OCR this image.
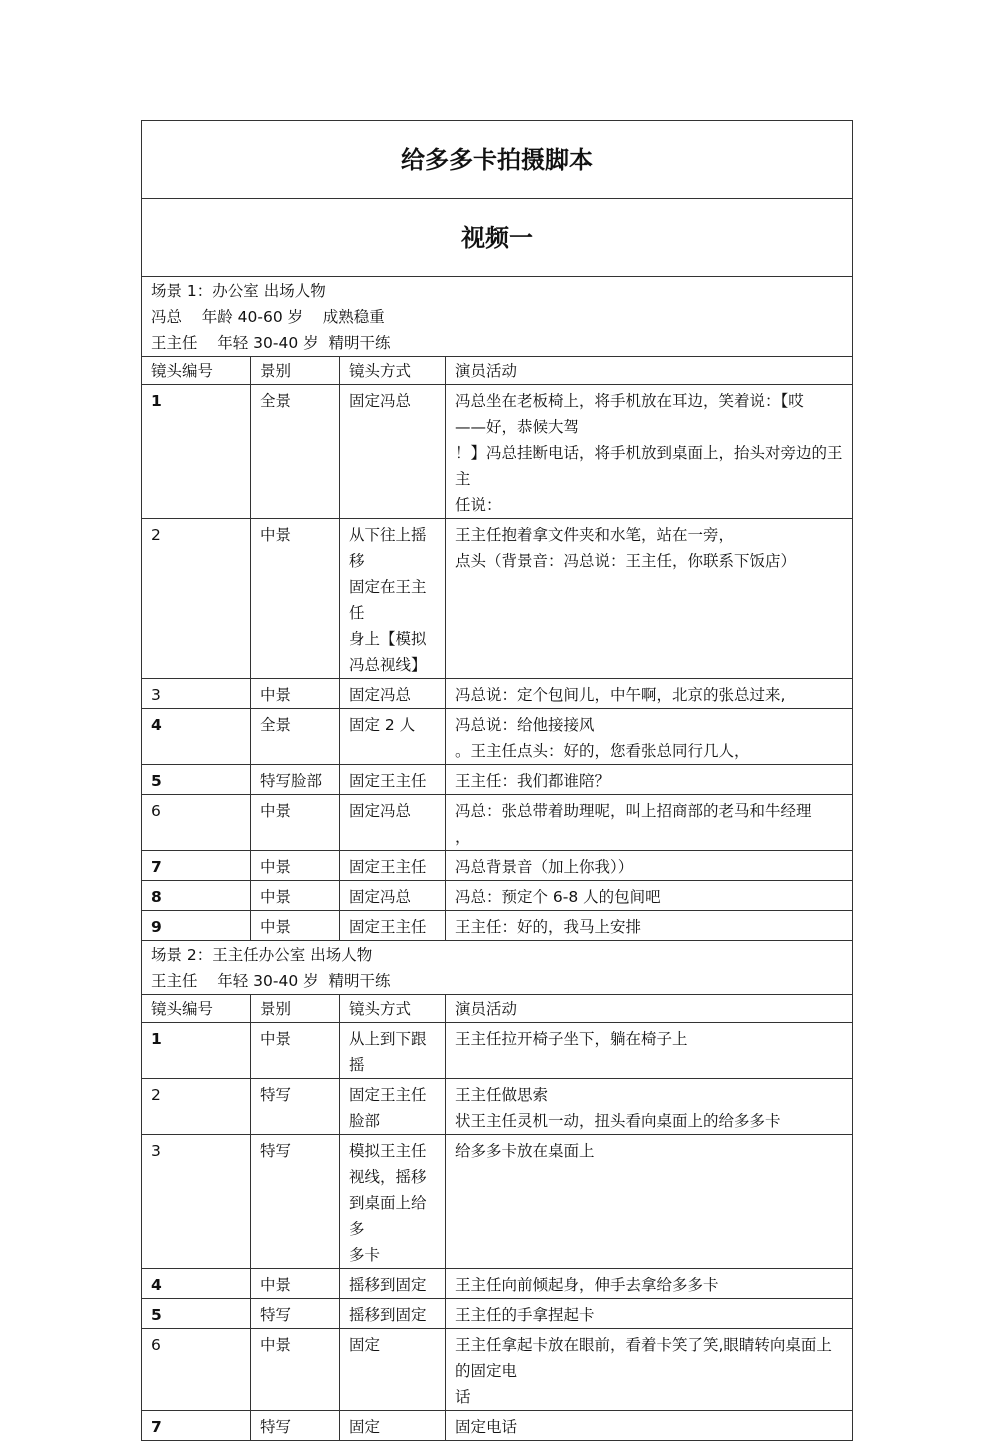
给多多卡拍摄脚本			
视频一			

场景 1：办公室 出场人物
冯总    年龄 40-60 岁    成熟稳重
王主任    年轻 30-40 岁  精明干练			

镜头编号	景别	镜头方式	演员活动
1	全景	固定冯总	冯总坐在老板椅上，将手机放在耳边，笑着说：【哎
——好，恭候大驾
！】冯总挂断电话，将手机放到桌面上，抬头对旁边的王主
任说：

2	中景	从下往上摇移
固定在王主任
身上【模拟
冯总视线】	王主任抱着拿文件夹和水笔，站在一旁，
点头（背景音：冯总说：王主任，你联系下饭店）

3	中景	固定冯总	冯总说：定个包间儿，中午啊，北京的张总过来,
4	全景	固定 2 人	冯总说：给他接接风
。王主任点头：好的，您看张总同行几人，

5	特写脸部	固定王主任	王主任：我们都谁陪？
6	中景	固定冯总	冯总：张总带着助理呢，叫上招商部的老马和牛经理
，

7	中景	固定王主任	冯总背景音（加上你我））
8	中景	固定冯总	冯总：预定个 6-8 人的包间吧
9	中景	固定王主任	王主任：好的，我马上安排

场景 2：王主任办公室 出场人物
王主任    年轻 30-40 岁  精明干练			

镜头编号	景别	镜头方式	演员活动
1	中景	从上到下跟
摇	王主任拉开椅子坐下，躺在椅子上
2	特写	固定王主任
脸部	王主任做思索
状王主任灵机一动，扭头看向桌面上的给多多卡

3	特写	模拟王主任
视线，摇移
到桌面上给多
多卡	给多多卡放在桌面上
4	中景	摇移到固定	王主任向前倾起身，伸手去拿给多多卡
5	特写	摇移到固定	王主任的手拿捏起卡
6	中景	固定	王主任拿起卡放在眼前，看着卡笑了笑,眼睛转向桌面上的固定电
话

7	特写	固定	固定电话
